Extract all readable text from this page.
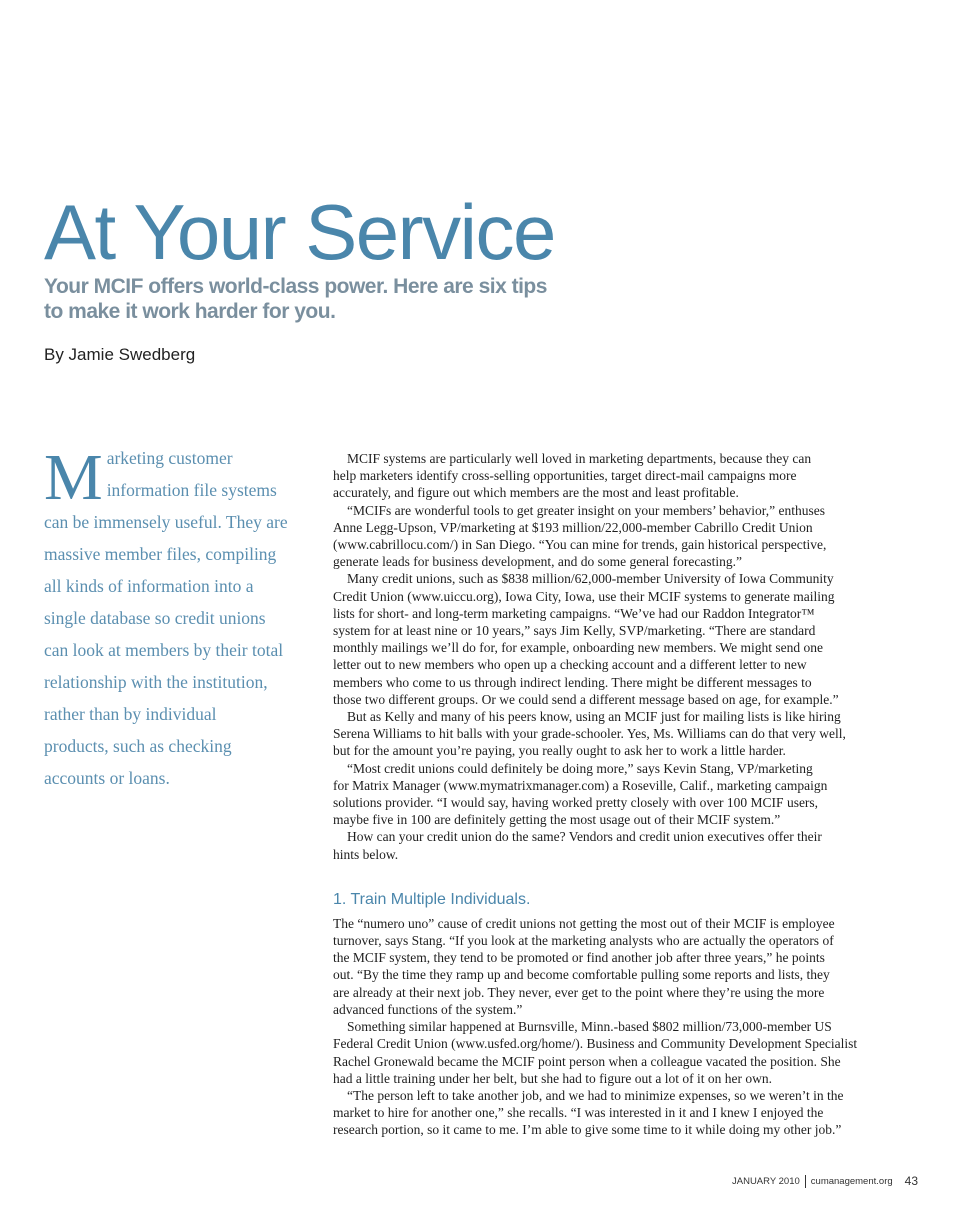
At Your Service
Your MCIF offers world-class power. Here are six tips
to make it work harder for you.

By Jamie Swedberg

M arketing customer
information file systems
can be immensely useful. They are
massive member files, compiling
all kinds of information into a
single database so credit unions
can look at members by their total
relationship with the institution,
rather than by individual
products, such as checking
accounts or loans.
MCIF systems are particularly well loved in marketing departments, because they can
help marketers identify cross-selling opportunities, target direct-mail campaigns more
accurately, and figure out which members are the most and least profitable.
“MCIFs are wonderful tools to get greater insight on your members’ behavior,” enthuses
Anne Legg-Upson, VP/marketing at $193 million/22,000-member Cabrillo Credit Union
(www.cabrillocu.com/) in San Diego. “You can mine for trends, gain historical perspective,
generate leads for business development, and do some general forecasting.”
Many credit unions, such as $838 million/62,000-member University of Iowa Community
Credit Union (www.uiccu.org), Iowa City, Iowa, use their MCIF systems to generate mailing
lists for short- and long-term marketing campaigns. “We’ve had our Raddon Integrator™
system for at least nine or 10 years,” says Jim Kelly, SVP/marketing. “There are standard
monthly mailings we’ll do for, for example, onboarding new members. We might send one
letter out to new members who open up a checking account and a different letter to new
members who come to us through indirect lending. There might be different messages to
those two different groups. Or we could send a different message based on age, for example.”
But as Kelly and many of his peers know, using an MCIF just for mailing lists is like hiring
Serena Williams to hit balls with your grade-schooler. Yes, Ms. Williams can do that very well,
but for the amount you’re paying, you really ought to ask her to work a little harder.
“Most credit unions could definitely be doing more,” says Kevin Stang, VP/marketing
for Matrix Manager (www.mymatrixmanager.com) a Roseville, Calif., marketing campaign
solutions provider. “I would say, having worked pretty closely with over 100 MCIF users,
maybe five in 100 are definitely getting the most usage out of their MCIF system.”
How can your credit union do the same? Vendors and credit union executives offer their
hints below.
1. Train Multiple Individuals.
The “numero uno” cause of credit unions not getting the most out of their MCIF is employee
turnover, says Stang. “If you look at the marketing analysts who are actually the operators of
the MCIF system, they tend to be promoted or find another job after three years,” he points
out. “By the time they ramp up and become comfortable pulling some reports and lists, they
are already at their next job. They never, ever get to the point where they’re using the more
advanced functions of the system.”
Something similar happened at Burnsville, Minn.-based $802 million/73,000-member US
Federal Credit Union (www.usfed.org/home/). Business and Community Development Specialist
Rachel Gronewald became the MCIF point person when a colleague vacated the position. She
had a little training under her belt, but she had to figure out a lot of it on her own.
“The person left to take another job, and we had to minimize expenses, so we weren’t in the
market to hire for another one,” she recalls. “I was interested in it and I knew I enjoyed the
research portion, so it came to me. I’m able to give some time to it while doing my other job.”
JANUARY 2010 cumanagement.org 43
